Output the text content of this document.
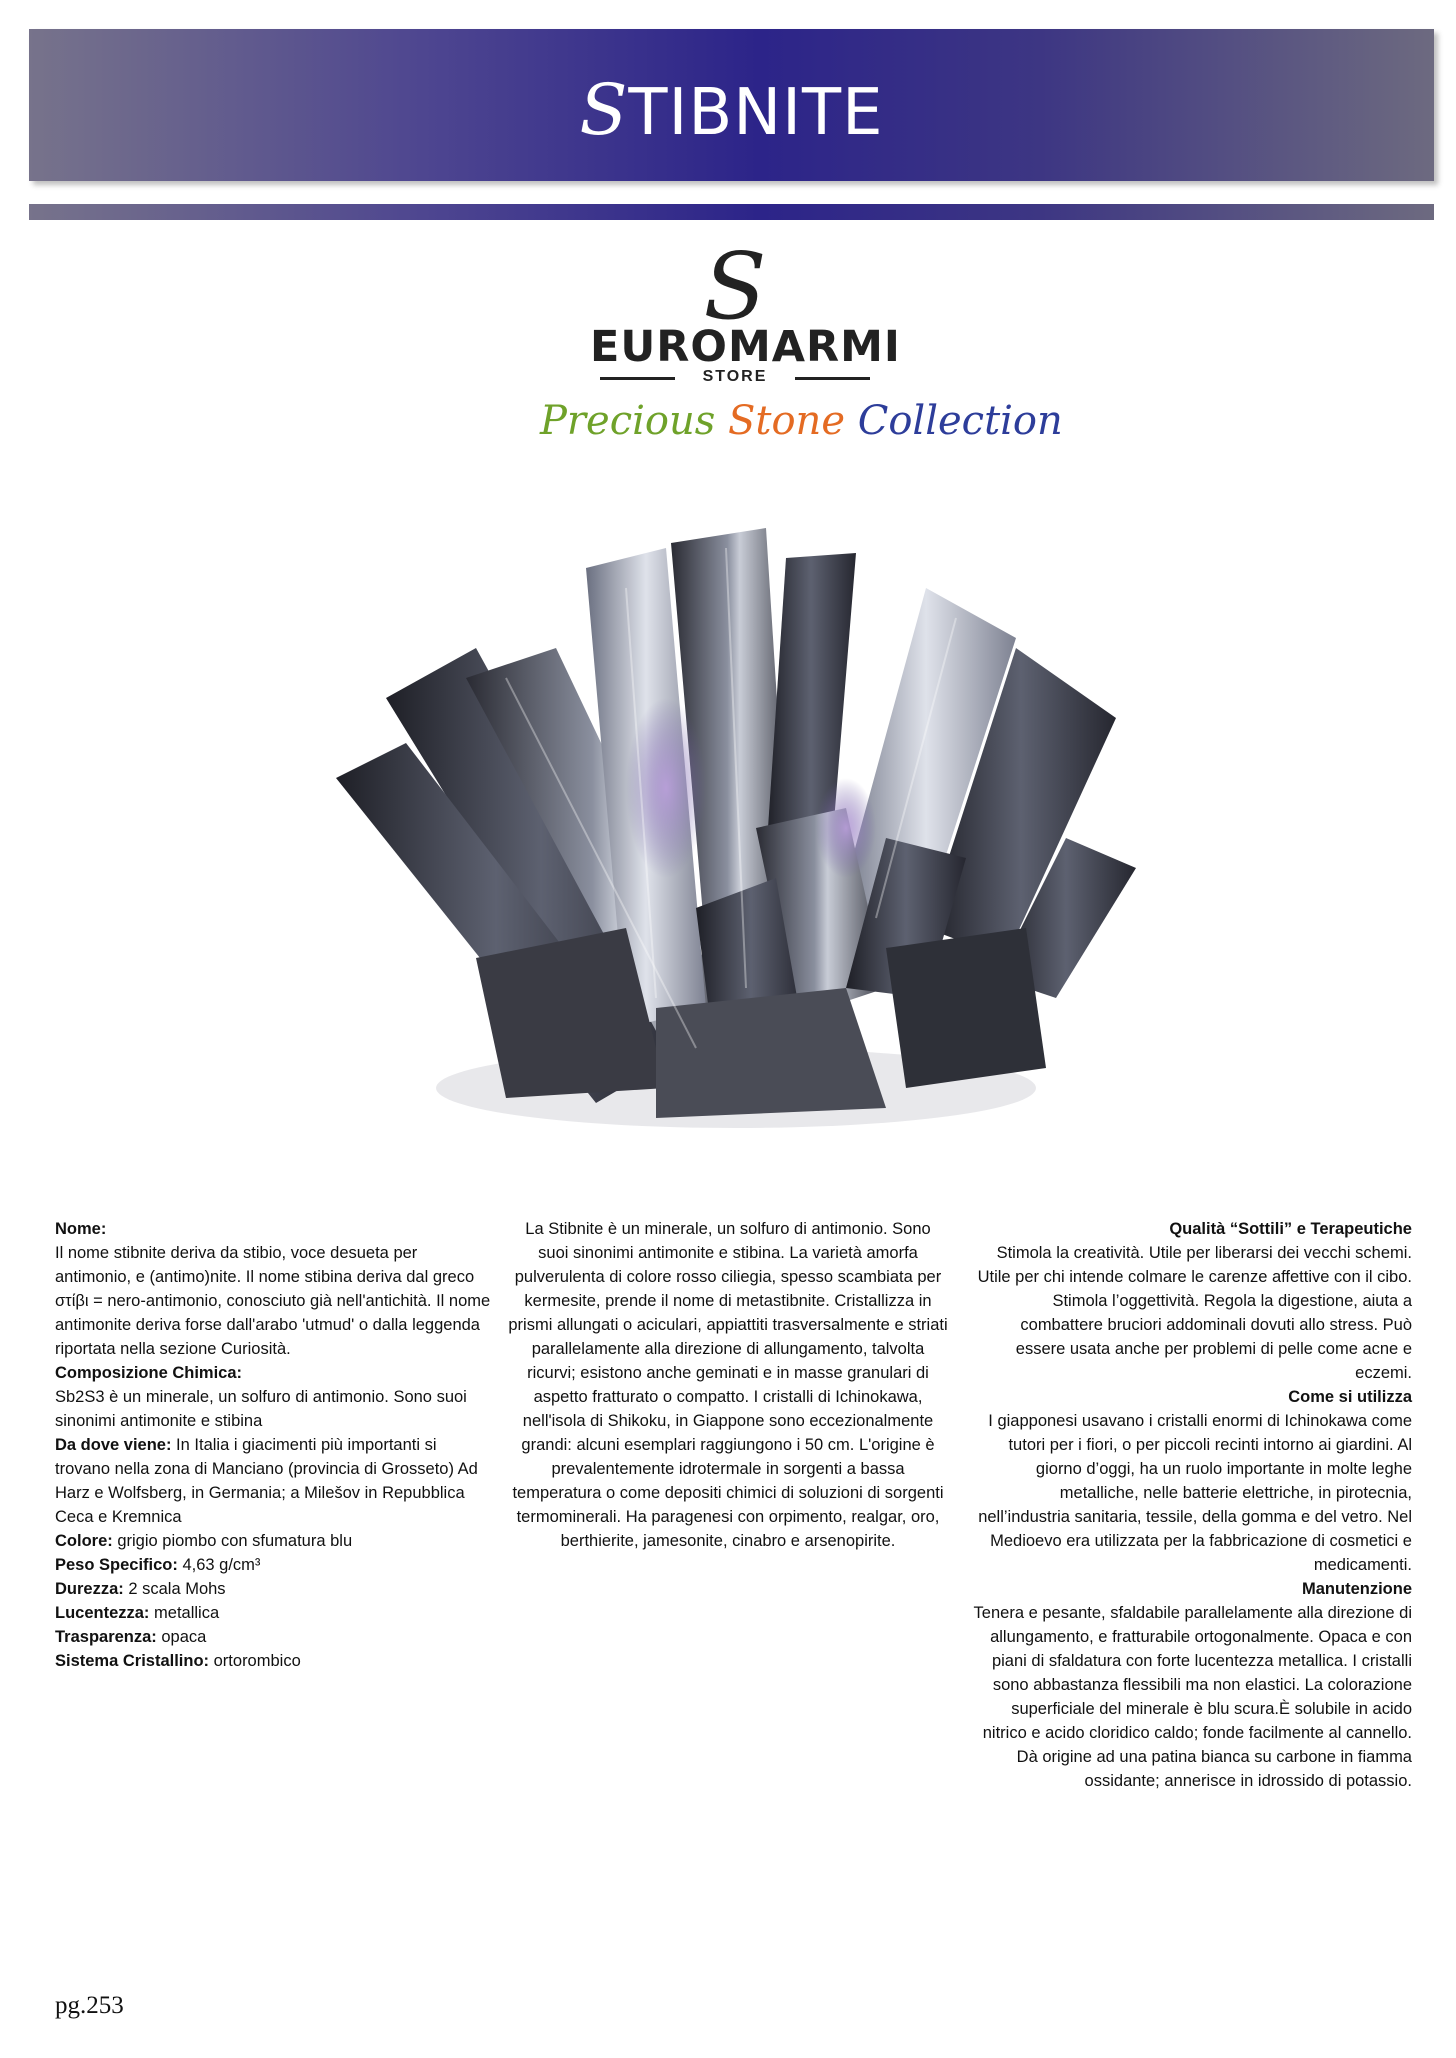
STIBNITE
S
EUROMARMI
STORE
Precious Stone Collection

Nome:

Il nome stibnite deriva da stibio, voce desueta per antimonio, e (antimo)nite. Il nome stibina deriva dal greco στίβι = nero-antimonio, conosciuto già nell'antichità. Il nome antimonite deriva forse dall'arabo 'utmud' o dalla leggenda riportata nella sezione Curiosità.

Composizione Chimica:

Sb2S3 è un minerale, un solfuro di antimonio. Sono suoi sinonimi antimonite e stibina

Da dove viene: In Italia i giacimenti più importanti si trovano nella zona di Manciano (provincia di Grosseto) Ad Harz e Wolfsberg, in Germania; a Milešov in Repubblica Ceca e Kremnica

Colore: grigio piombo con sfumatura blu

Peso Specifico: 4,63 g/cm³

Durezza: 2 scala Mohs

Lucentezza: metallica

Trasparenza: opaca

Sistema Cristallino: ortorombico

La Stibnite è un minerale, un solfuro di antimonio. Sono suoi sinonimi antimonite e stibina. La varietà amorfa pulverulenta di colore rosso ciliegia, spesso scambiata per kermesite, prende il nome di metastibnite. Cristallizza in prismi allungati o aciculari, appiattiti trasversalmente e striati parallelamente alla direzione di allungamento, talvolta ricurvi; esistono anche geminati e in masse granulari di aspetto fratturato o compatto. I cristalli di Ichinokawa, nell'isola di Shikoku, in Giappone sono eccezionalmente grandi: alcuni esemplari raggiungono i 50 cm. L'origine è prevalentemente idrotermale in sorgenti a bassa temperatura o come depositi chimici di soluzioni di sorgenti termominerali. Ha paragenesi con orpimento, realgar, oro, berthierite, jamesonite, cinabro e arsenopirite.

Qualità “Sottili” e Terapeutiche

Stimola la creatività. Utile per liberarsi dei vecchi schemi. Utile per chi intende colmare le carenze affettive con il cibo. Stimola l’oggettività. Regola la digestione, aiuta a combattere bruciori addominali dovuti allo stress. Può essere usata anche per problemi di pelle come acne e eczemi.

Come si utilizza

I giapponesi usavano i cristalli enormi di Ichinokawa come tutori per i fiori, o per piccoli recinti intorno ai giardini. Al giorno d’oggi, ha un ruolo importante in molte leghe metalliche, nelle batterie elettriche, in pirotecnia, nell’industria sanitaria, tessile, della gomma e del vetro. Nel Medioevo era utilizzata per la fabbricazione di cosmetici e medicamenti.

Manutenzione

Tenera e pesante, sfaldabile parallelamente alla direzione di allungamento, e fratturabile ortogonalmente. Opaca e con piani di sfaldatura con forte lucentezza metallica. I cristalli sono abbastanza flessibili ma non elastici. La colorazione superficiale del minerale è blu scura.È solubile in acido nitrico e acido cloridico caldo; fonde facilmente al cannello. Dà origine ad una patina bianca su carbone in fiamma ossidante; annerisce in idrossido di potassio.

pg.253
